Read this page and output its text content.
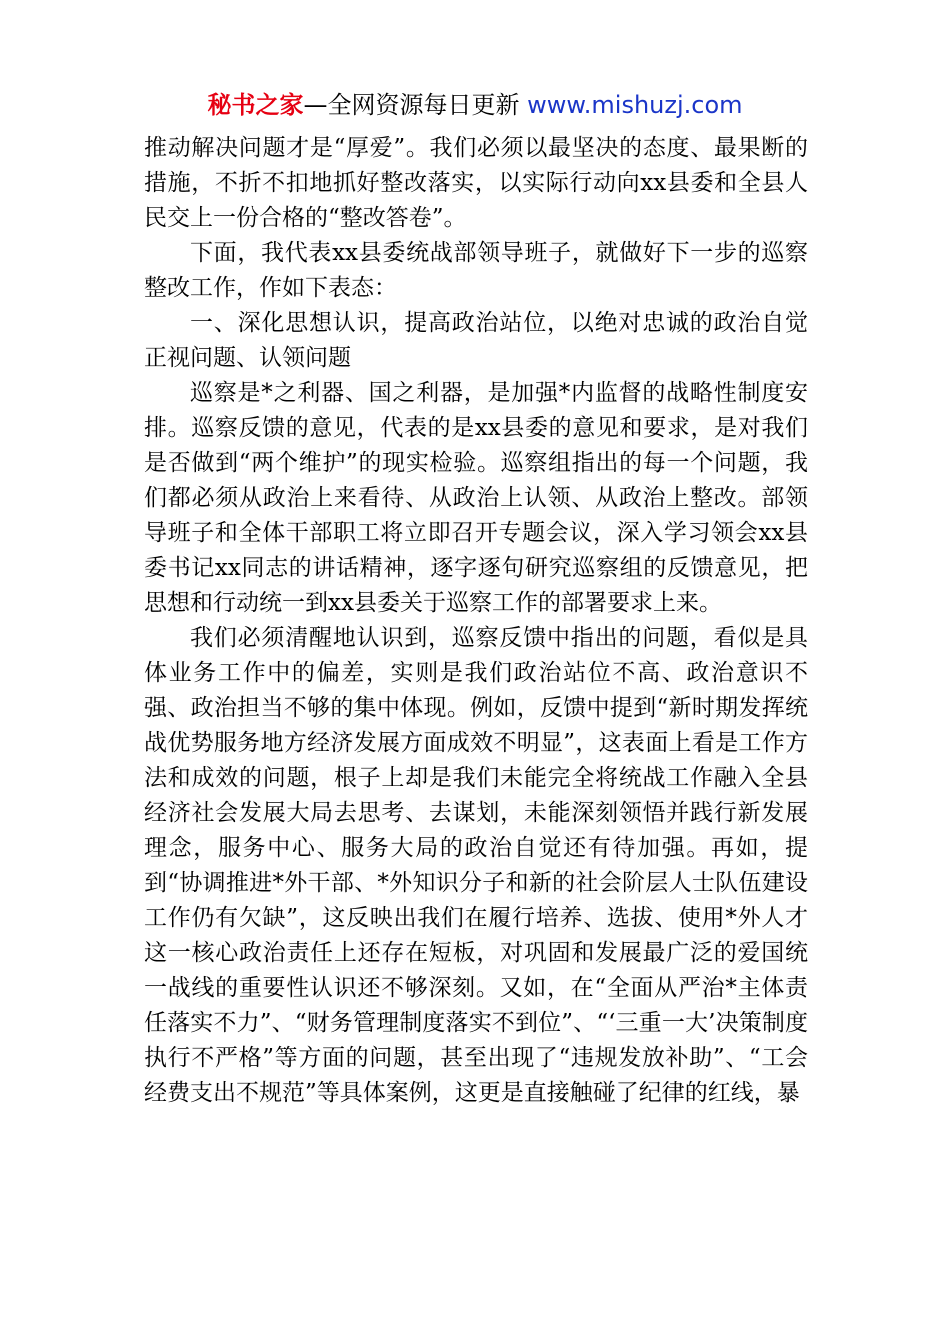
秘书之家—全网资源每日更新 www.mishuzj.com

推动解决问题才是“厚爱”。我们必须以最坚决的态度、最果断的措施，不折不扣地抓好整改落实，以实际行动向xx县委和全县人民交上一份合格的“整改答卷”。

下面，我代表xx县委统战部领导班子，就做好下一步的巡察整改工作，作如下表态：

一、深化思想认识，提高政治站位，以绝对忠诚的政治自觉正视问题、认领问题

巡察是*之利器、国之利器，是加强*内监督的战略性制度安排。巡察反馈的意见，代表的是xx县委的意见和要求，是对我们是否做到“两个维护”的现实检验。巡察组指出的每一个问题，我们都必须从政治上来看待、从政治上认领、从政治上整改。部领导班子和全体干部职工将立即召开专题会议，深入学习领会xx县委书记xx同志的讲话精神，逐字逐句研究巡察组的反馈意见，把思想和行动统一到xx县委关于巡察工作的部署要求上来。

我们必须清醒地认识到，巡察反馈中指出的问题，看似是具体业务工作中的偏差，实则是我们政治站位不高、政治意识不强、政治担当不够的集中体现。例如，反馈中提到“新时期发挥统战优势服务地方经济发展方面成效不明显”，这表面上看是工作方法和成效的问题，根子上却是我们未能完全将统战工作融入全县经济社会发展大局去思考、去谋划，未能深刻领悟并践行新发展理念，服务中心、服务大局的政治自觉还有待加强。再如，提到“协调推进*外干部、*外知识分子和新的社会阶层人士队伍建设工作仍有欠缺”，这反映出我们在履行培养、选拔、使用*外人才这一核心政治责任上还存在短板，对巩固和发展最广泛的爱国统一战线的重要性认识还不够深刻。又如，在“全面从严治*主体责任落实不力”、“财务管理制度落实不到位”、“‘三重一大’决策制度执行不严格”等方面的问题，甚至出现了“违规发放补助”、“工会经费支出不规范”等具体案例，这更是直接触碰了纪律的红线，暴
